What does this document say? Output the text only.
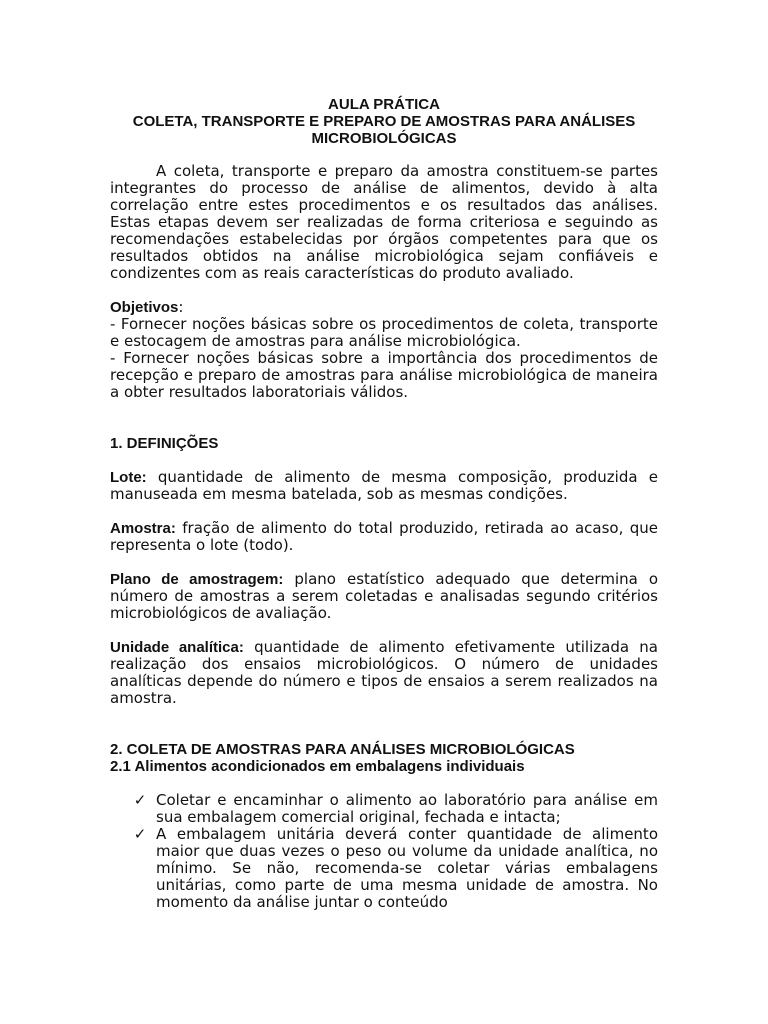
AULA PRÁTICA
COLETA, TRANSPORTE E PREPARO DE AMOSTRAS PARA ANÁLISES
MICROBIOLÓGICAS

A coleta, transporte e preparo da amostra constituem-se partes integrantes do processo de análise de alimentos, devido à alta correlação entre estes procedimentos e os resultados das análises. Estas etapas devem ser realizadas de forma criteriosa e seguindo as recomendações estabelecidas por órgãos competentes para que os resultados obtidos na análise microbiológica sejam confiáveis e condizentes com as reais características do produto avaliado.

Objetivos:

- Fornecer noções básicas sobre os procedimentos de coleta, transporte e estocagem de amostras para análise microbiológica.

- Fornecer noções básicas sobre a importância dos procedimentos de recepção e preparo de amostras para análise microbiológica de maneira a obter resultados laboratoriais válidos.

1. DEFINIÇÕES

Lote: quantidade de alimento de mesma composição, produzida e manuseada em mesma batelada, sob as mesmas condições.

Amostra: fração de alimento do total produzido, retirada ao acaso, que representa o lote (todo).

Plano de amostragem: plano estatístico adequado que determina o número de amostras a serem coletadas e analisadas segundo critérios microbiológicos de avaliação.

Unidade analítica: quantidade de alimento efetivamente utilizada na realização dos ensaios microbiológicos. O número de unidades analíticas depende do número e tipos de ensaios a serem realizados na amostra.

2. COLETA DE AMOSTRAS PARA ANÁLISES MICROBIOLÓGICAS

2.1 Alimentos acondicionados em embalagens individuais

✓ Coletar e encaminhar o alimento ao laboratório para análise em sua embalagem comercial original, fechada e intacta;
✓ A embalagem unitária deverá conter quantidade de alimento maior que duas vezes o peso ou volume da unidade analítica, no mínimo. Se não, recomenda-se coletar várias embalagens unitárias, como parte de uma mesma unidade de amostra. No momento da análise juntar o conteúdo
